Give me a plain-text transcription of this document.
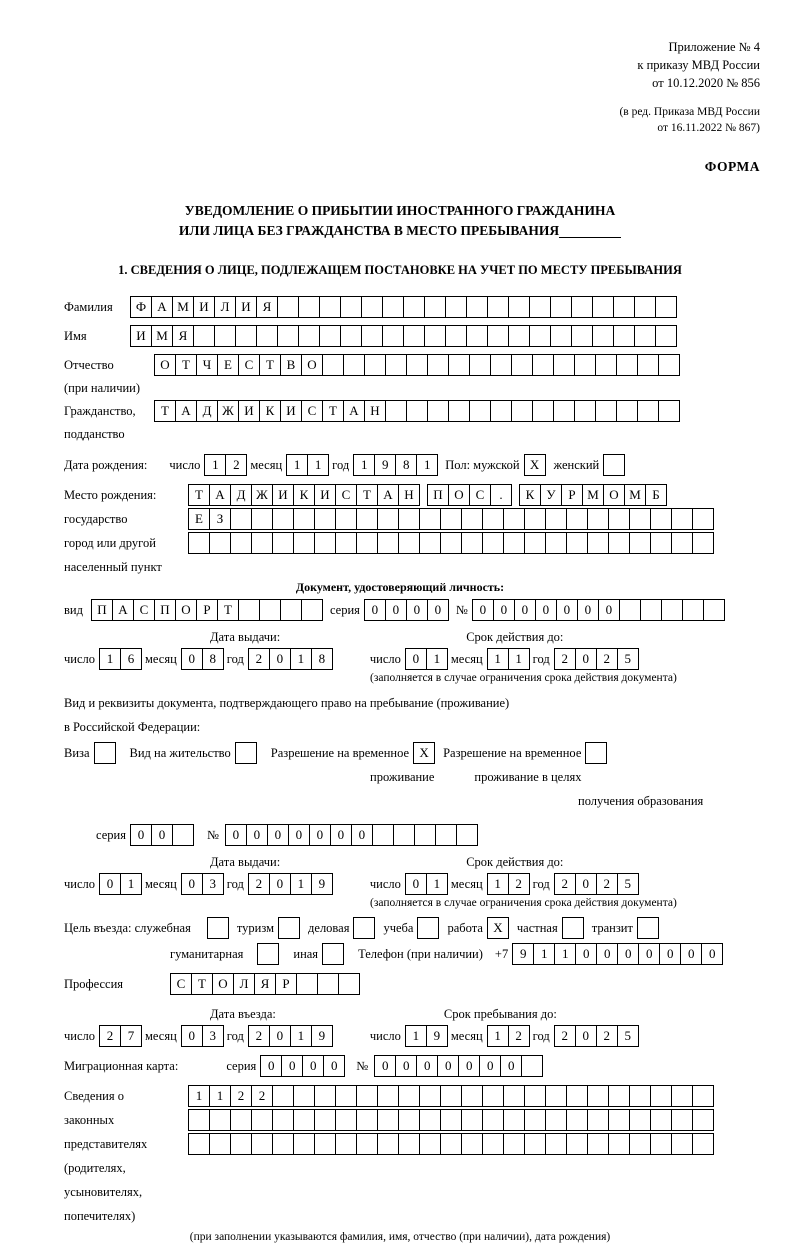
Приложение № 4
к приказу МВД России
от 10.12.2020 № 856
(в ред. Приказа МВД России
от 16.11.2022 № 867)
ФОРМА
УВЕДОМЛЕНИЕ О ПРИБЫТИИ ИНОСТРАННОГО ГРАЖДАНИНА
ИЛИ ЛИЦА БЕЗ ГРАЖДАНСТВА В МЕСТО ПРЕБЫВАНИЯ
1. СВЕДЕНИЯ О ЛИЦЕ, ПОДЛЕЖАЩЕМ ПОСТАНОВКЕ НА УЧЕТ ПО МЕСТУ ПРЕБЫВАНИЯ
Фамилия	Ф А М И Л И Я
Имя	И М Я
Отчество	О Т Ч Е С Т В О
(при наличии)
Гражданство,	Т А Д Ж И К И С Т А Н
подданство
Дата рождения: число 1	2 месяц 1	1 год 1	9	8	1	Пол: мужской X	женский
Место рождения:	Т А Д Ж И К И С Т А Н	П О С	.	К У Р М О М Б
государство	Е	З
город или другой
населенный пункт
Документ, удостоверяющий личность:
вид	П А С П О Р	Т	серия 0	0	0	0	№ 0	0	0	0	0	0	0
Дата выдачи:	Срок действия до:
число 1	6 месяц 0	8 год 2	0	1	8	число 0	1 месяц 1	1 год 2	0	2	5
(заполняется в случае ограничения срока действия документа)
Вид и реквизиты документа, подтверждающего право на пребывание (проживание)
в Российской Федерации:
Виза	Вид на жительство	Разрешение на временное X	Разрешение на временное
проживание	проживание в целях
получения образования
серия 0	0	№	0	0	0	0	0	0	0
Дата выдачи:	Срок действия до:
число 0	1 месяц 0	3 год 2	0	1	9	число 0	1 месяц 1	2 год 2	0	2	5
(заполняется в случае ограничения срока действия документа)
Цель въезда: служебная	туризм	деловая	учеба	работа X	частная	транзит
гуманитарная	иная	Телефон (при наличии) +7 9	1	1	0	0	0	0	0	0	0
Профессия	С Т О Л Я	Р
Дата въезда:	Срок пребывания до:
число 2	7 месяц 0	3 год 2	0	1	9	число 1	9 месяц 1	2 год 2	0	2	5
Миграционная карта:	серия 0	0	0	0	№	0	0	0	0	0	0	0
Сведения о	1	1	2	2
законных
представителях
(родителях,
усыновителях,
попечителях)
(при заполнении указываются фамилия, имя, отчество (при наличии), дата рождения)
